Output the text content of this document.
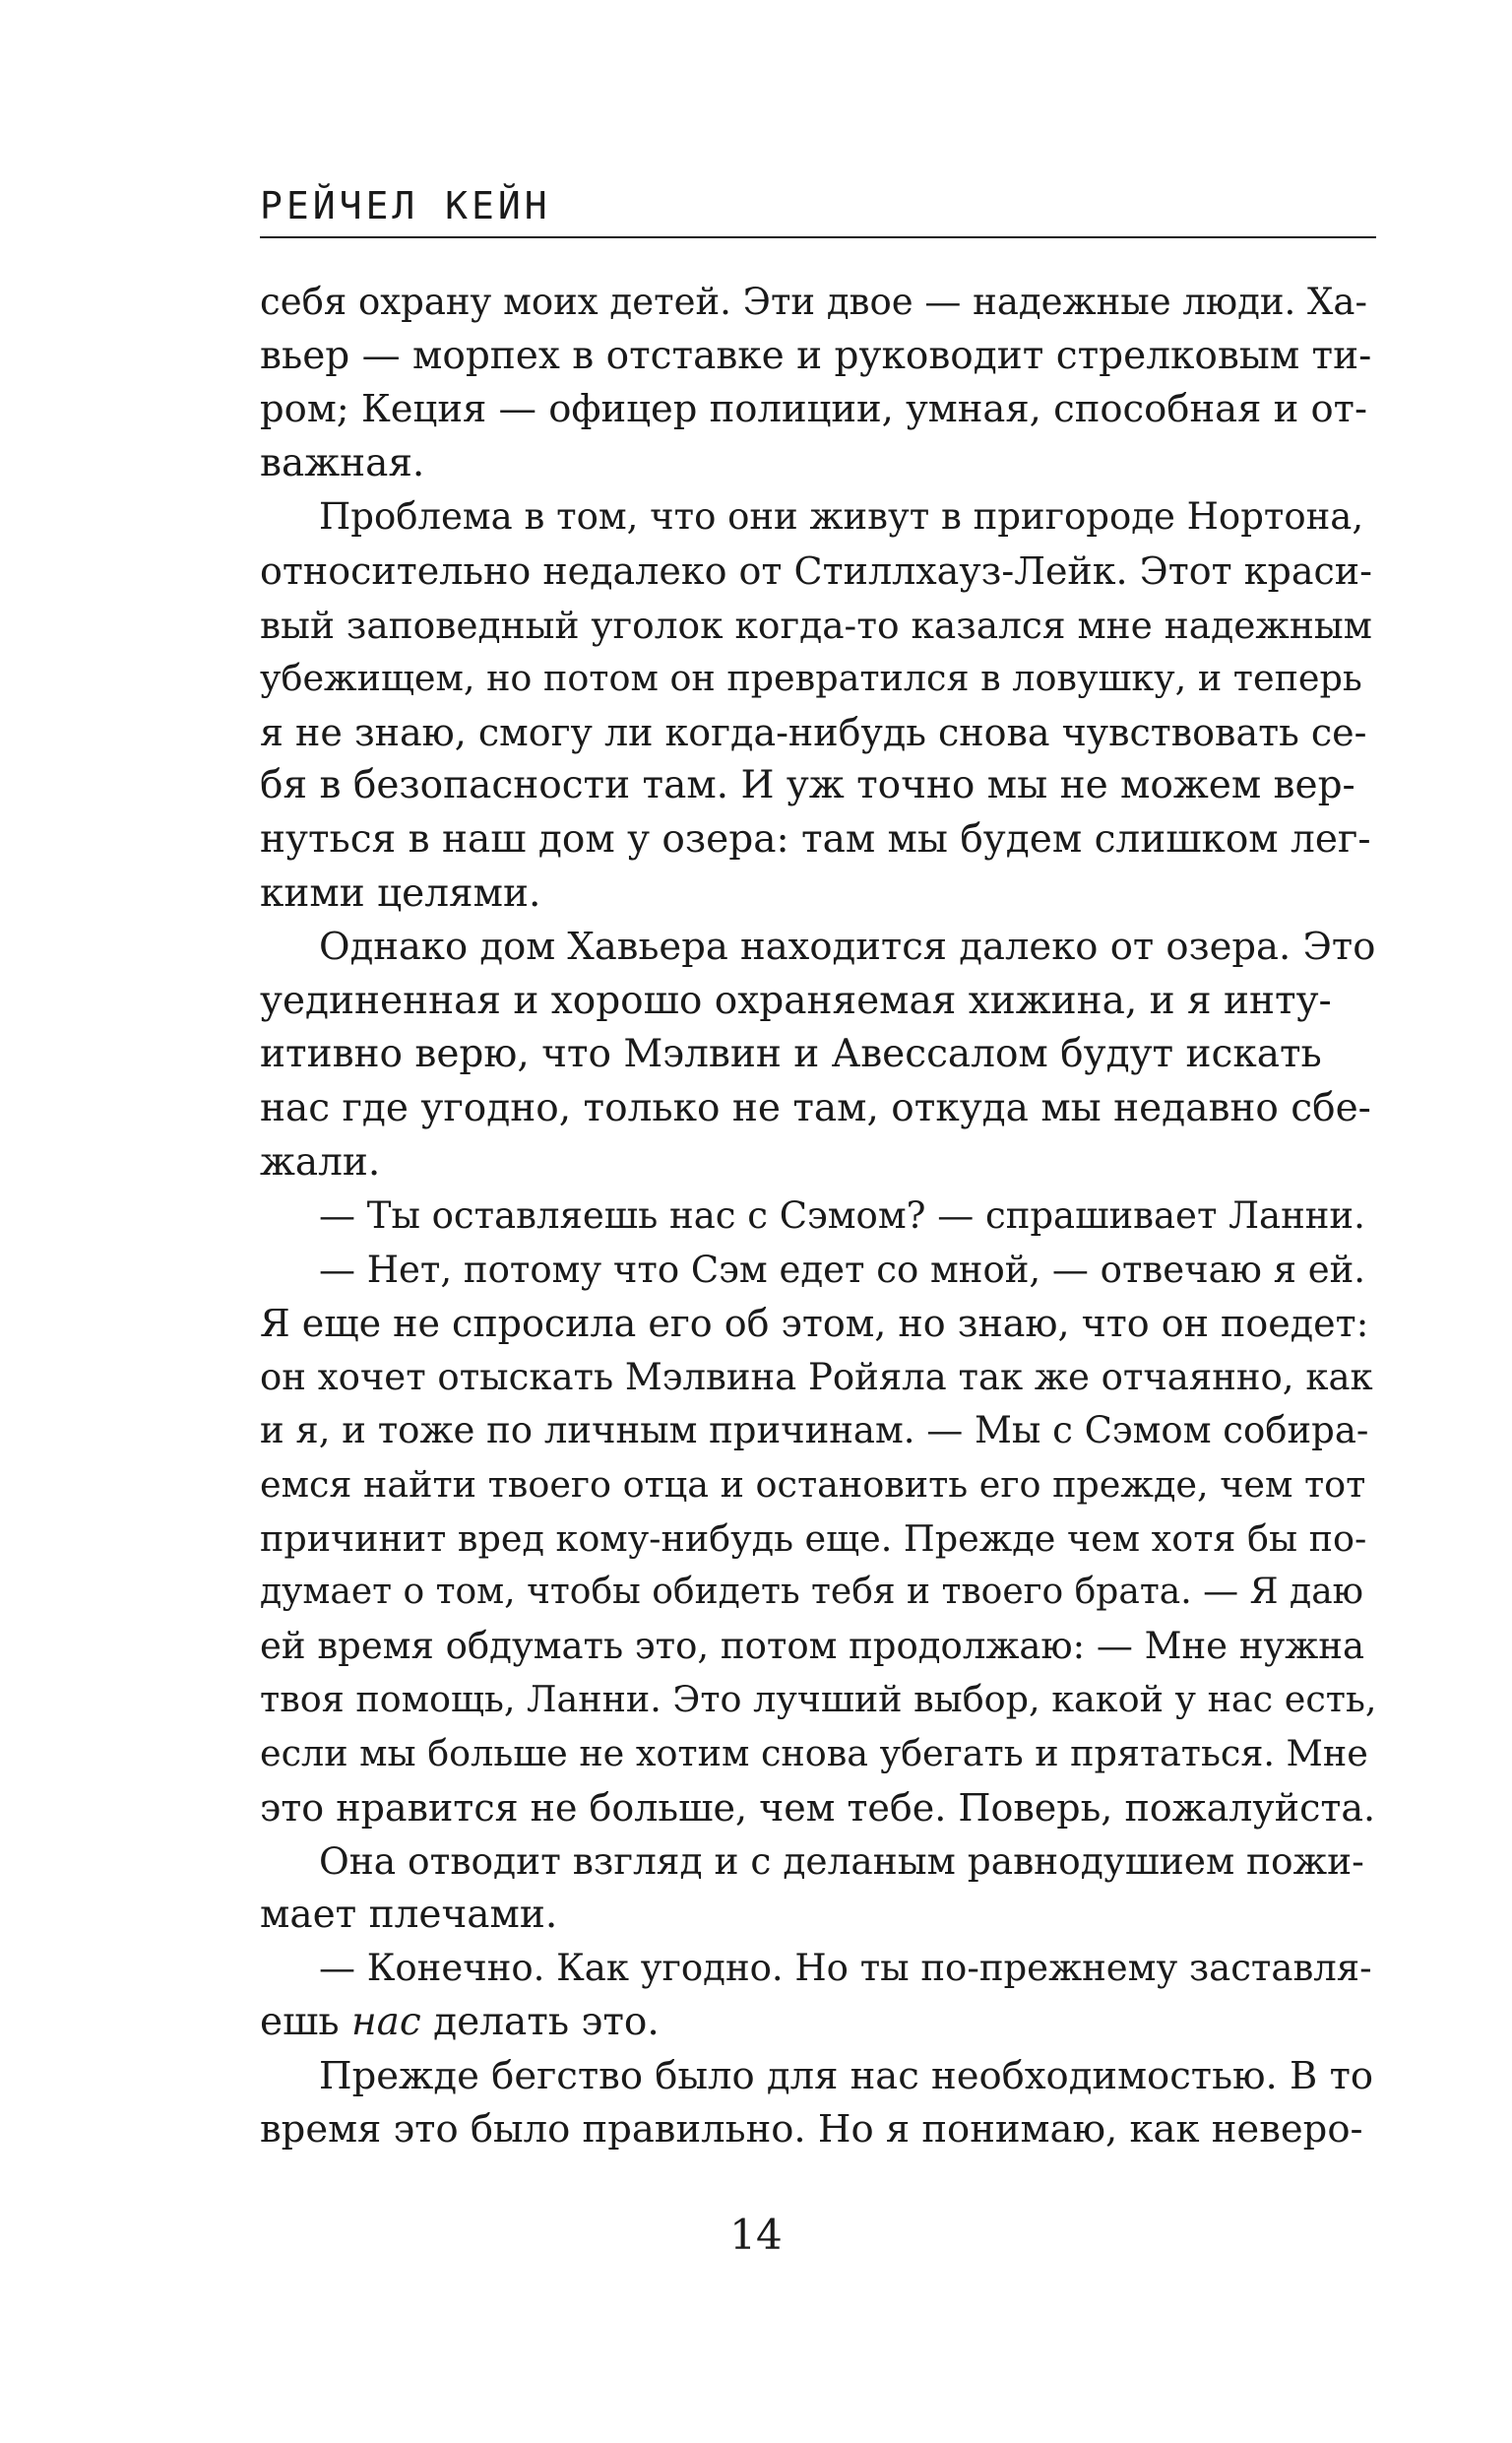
РЕЙЧЕЛ КЕЙН
себя охрану моих детей. Эти двое — надежные люди. Ха-
вьер — морпех в отставке и руководит стрелковым ти-
ром; Кеция — офицер полиции, умная, способная и от-
важная.
Проблема в том, что они живут в пригороде Нортона,
относительно недалеко от Стиллхауз-Лейк. Этот краси-
вый заповедный уголок когда-то казался мне надежным
убежищем, но потом он превратился в ловушку, и теперь
я не знаю, смогу ли когда-нибудь снова чувствовать се-
бя в безопасности там. И уж точно мы не можем вер-
нуться в наш дом у озера: там мы будем слишком лег-
кими целями.
Однако дом Хавьера находится далеко от озера. Это
уединенная и хорошо охраняемая хижина, и я инту-
итивно верю, что Мэлвин и Авессалом будут искать
нас где угодно, только не там, откуда мы недавно сбе-
жали.
— Ты оставляешь нас с Сэмом? — спрашивает Ланни.
— Нет, потому что Сэм едет со мной, — отвечаю я ей.
Я еще не спросила его об этом, но знаю, что он поедет:
он хочет отыскать Мэлвина Ройяла так же отчаянно, как
и я, и тоже по личным причинам. — Мы с Сэмом собира-
емся найти твоего отца и остановить его прежде, чем тот
причинит вред кому-нибудь еще. Прежде чем хотя бы по-
думает о том, чтобы обидеть тебя и твоего брата. — Я даю
ей время обдумать это, потом продолжаю: — Мне нужна
твоя помощь, Ланни. Это лучший выбор, какой у нас есть,
если мы больше не хотим снова убегать и прятаться. Мне
это нравится не больше, чем тебе. Поверь, пожалуйста.
Она отводит взгляд и с деланым равнодушием пожи-
мает плечами.
— Конечно. Как угодно. Но ты по-прежнему заставля-
ешь нас делать это.
Прежде бегство было для нас необходимостью. В то
время это было правильно. Но я понимаю, как неверо-
14
